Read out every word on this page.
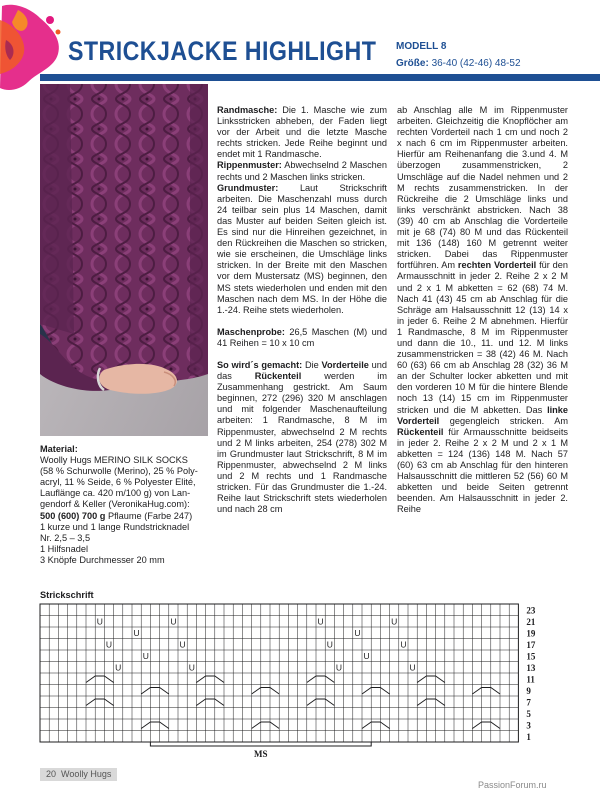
STRICKJACKE HIGHLIGHT MODELL 8
Größe: 36-40 (42-46) 48-52

Randmasche: Die 1. Masche wie zum Linksstricken abheben, der Faden liegt vor der Arbeit und die letzte Masche rechts stricken. Jede Reihe beginnt und endet mit 1 Randmasche.

Rippenmuster: Abwechselnd 2 Maschen rechts und 2 Maschen links stricken.

Grundmuster: Laut Strickschrift arbeiten. Die Maschenzahl muss durch 24 teilbar sein plus 14 Maschen, damit das Muster auf beiden Seiten gleich ist. Es sind nur die Hinreihen gezeichnet, in den Rückreihen die Maschen so stricken, wie sie erscheinen, die Umschläge links stricken. In der Breite mit den Maschen vor dem Mustersatz (MS) beginnen, den MS stets wiederholen und enden mit den Maschen nach dem MS. In der Höhe die 1.-24. Reihe stets wiederholen.

Maschenprobe: 26,5 Maschen (M) und 41 Reihen = 10 x 10 cm

So wird´s gemacht: Die Vorderteile und das Rückenteil werden im Zusammenhang gestrickt. Am Saum beginnen, 272 (296) 320 M anschlagen und mit folgender Maschenaufteilung arbeiten: 1 Randmasche, 8 M im Rippenmuster, abwechselnd 2 M rechts und 2 M links arbeiten, 254 (278) 302 M im Grundmuster laut Strickschrift, 8 M im Rippenmuster, abwechselnd 2 M links und 2 M rechts und 1 Randmasche stricken. Für das Grundmuster die 1.-24. Reihe laut Strickschrift stets wiederholen und nach 28 cm

ab Anschlag alle M im Rippenmuster arbeiten. Gleichzeitig die Knopflöcher am rechten Vorderteil nach 1 cm und noch 2 x nach 6 cm im Rippenmuster arbeiten. Hierfür am Reihenanfang die 3.und 4. M überzogen zusammenstricken, 2 Umschläge auf die Nadel nehmen und 2 M rechts zusammenstricken. In der Rückreihe die 2 Umschläge links und links verschränkt abstricken. Nach 38 (39) 40 cm ab Anschlag die Vorderteile mit je 68 (74) 80 M und das Rückenteil mit 136 (148) 160 M getrennt weiter stricken. Dabei das Rippenmuster fortführen. Am rechten Vorderteil für den Armausschnitt in jeder 2. Reihe 2 x 2 M und 2 x 1 M abketten = 62 (68) 74 M. Nach 41 (43) 45 cm ab Anschlag für die Schräge am Halsausschnitt 12 (13) 14 x in jeder 6. Reihe 2 M abnehmen. Hierfür 1 Randmasche, 8 M im Rippenmuster und dann die 10., 11. und 12. M links zusammenstricken = 38 (42) 46 M. Nach 60 (63) 66 cm ab Anschlag 28 (32) 36 M an der Schulter locker abketten und mit den vorderen 10 M für die hintere Blende noch 13 (14) 15 cm im Rippenmuster stricken und die M abketten. Das linke Vorderteil gegengleich stricken. Am Rückenteil für Armausschnitte beidseits in jeder 2. Reihe 2 x 2 M und 2 x 1 M abketten = 124 (136) 148 M. Nach 57 (60) 63 cm ab Anschlag für den hinteren Halsausschnitt die mittleren 52 (56) 60 M abketten und beide Seiten getrennt beenden. Am Halsausschnitt in jeder 2. Reihe

Material:
Woolly Hugs MERINO SILK SOCKS
(58 % Schurwolle (Merino), 25 % Poly-
acryl, 11 % Seide, 6 % Polyester Elité,
Lauflänge ca. 420 m/100 g) von Lan-
gendorf & Keller (VeronikaHug.com):
500 (600) 700 g Pflaume (Farbe 247)
1 kurze und 1 lange Rundstricknadel
Nr. 2,5 – 3,5
1 Hilfsnadel
3 Knöpfe Durchmesser 20 mm
Strickschrift
U	U	U	U
U	U
U	U	U	U
U	U
U	U	U	U
23
21
19
17
15
13
11
9
7
5
3
1
MS
20 Woolly Hugs
PassionForum.ru
